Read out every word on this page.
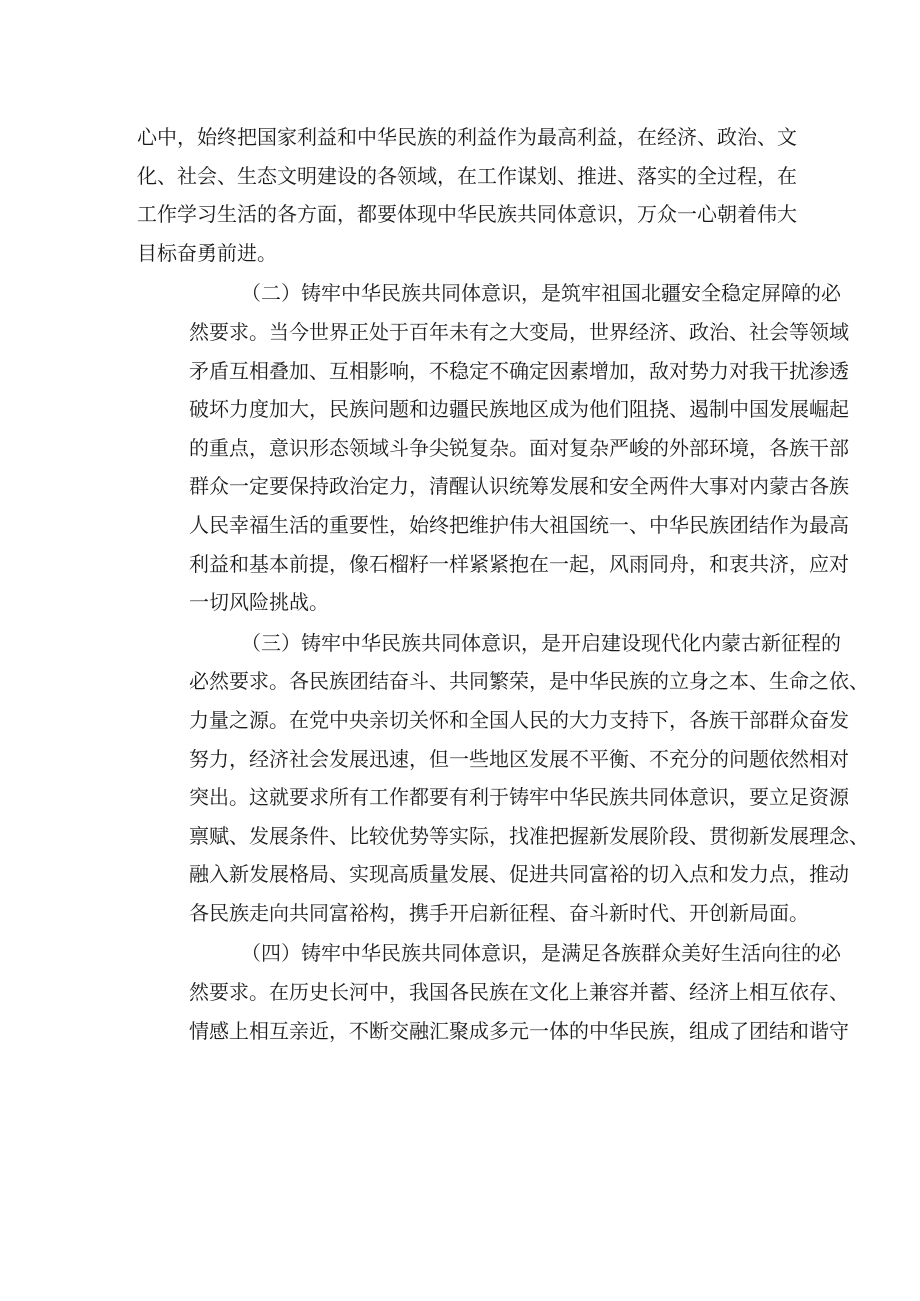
心中，始终把国家利益和中华民族的利益作为最高利益，在经济、政治、文
化、社会、生态文明建设的各领域，在工作谋划、推进、落实的全过程，在
工作学习生活的各方面，都要体现中华民族共同体意识，万众一心朝着伟大
目标奋勇前进。
（二）铸牢中华民族共同体意识，是筑牢祖国北疆安全稳定屏障的必
然要求。当今世界正处于百年未有之大变局，世界经济、政治、社会等领域
矛盾互相叠加、互相影响，不稳定不确定因素增加，敌对势力对我干扰渗透
破坏力度加大，民族问题和边疆民族地区成为他们阻挠、遏制中国发展崛起
的重点，意识形态领域斗争尖锐复杂。面对复杂严峻的外部环境，各族干部
群众一定要保持政治定力，清醒认识统筹发展和安全两件大事对内蒙古各族
人民幸福生活的重要性，始终把维护伟大祖国统一、中华民族团结作为最高
利益和基本前提，像石榴籽一样紧紧抱在一起，风雨同舟，和衷共济，应对
一切风险挑战。
（三）铸牢中华民族共同体意识，是开启建设现代化内蒙古新征程的
必然要求。各民族团结奋斗、共同繁荣，是中华民族的立身之本、生命之依、
力量之源。在党中央亲切关怀和全国人民的大力支持下，各族干部群众奋发
努力，经济社会发展迅速，但一些地区发展不平衡、不充分的问题依然相对
突出。这就要求所有工作都要有利于铸牢中华民族共同体意识，要立足资源
禀赋、发展条件、比较优势等实际，找准把握新发展阶段、贯彻新发展理念、
融入新发展格局、实现高质量发展、促进共同富裕的切入点和发力点，推动
各民族走向共同富裕构，携手开启新征程、奋斗新时代、开创新局面。
（四）铸牢中华民族共同体意识，是满足各族群众美好生活向往的必
然要求。在历史长河中，我国各民族在文化上兼容并蓄、经济上相互依存、
情感上相互亲近，不断交融汇聚成多元一体的中华民族，组成了团结和谐守
